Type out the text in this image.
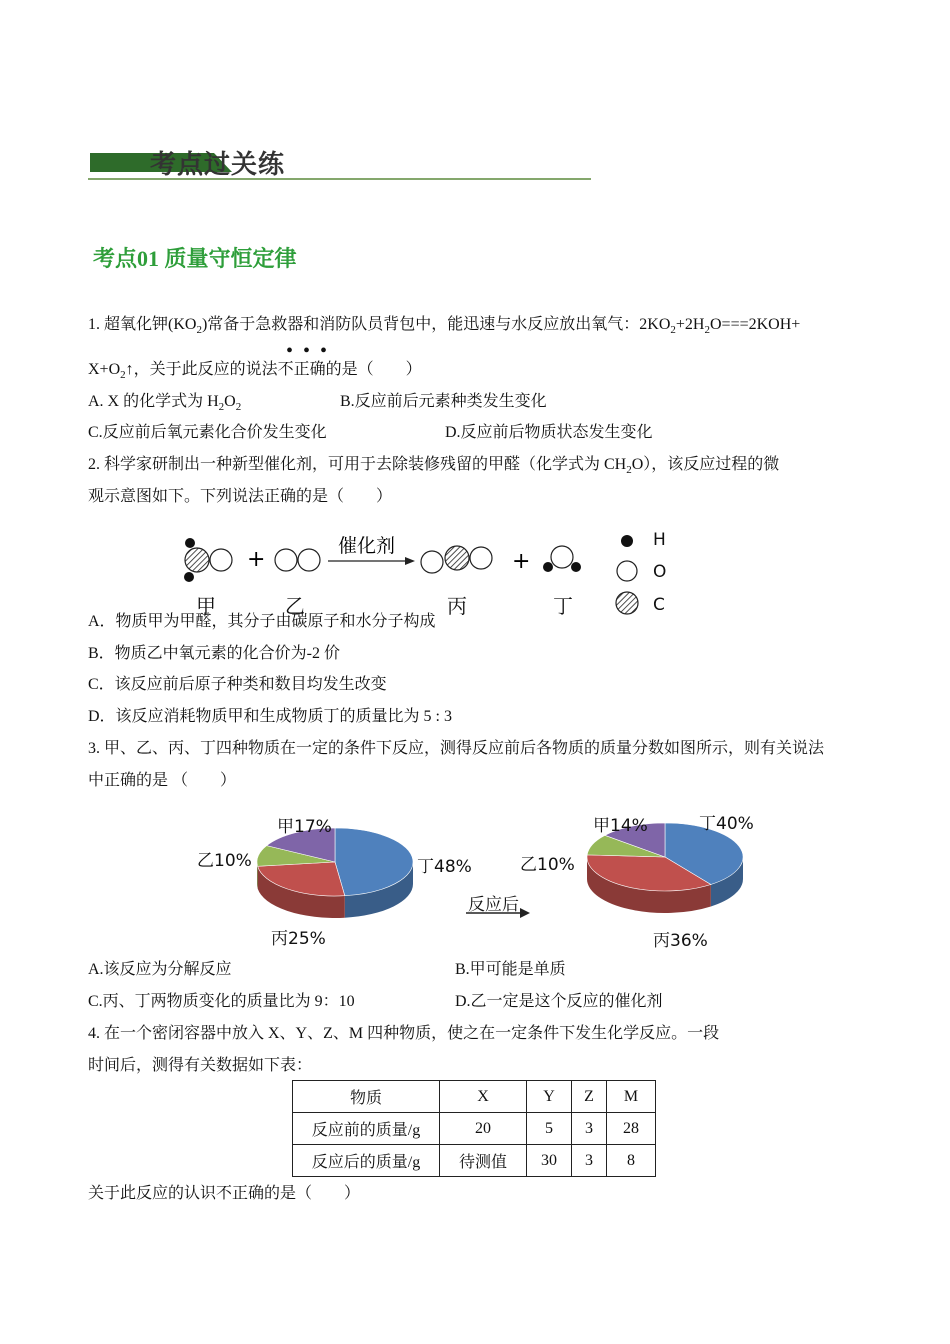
考点过关练
考点01 质量守恒定律
1. 超氧化钾$(KO_2)$常备于急救器和消防队员背包中，能迅速与水反应放出氧气：$2KO_2+2H_2O===2KOH+$
•••
$X+O_2↑$，关于此反应的说法不正确的是（　　）
A. X 的化学式为 $H_2O_2$	B.反应前后元素种类发生变化
C.反应前后氧元素化合价发生变化	D.反应前后物质状态发生变化
2. 科学家研制出一种新型催化剂，可用于去除装修残留的甲醛（化学式为 $CH_2O$），该反应过程的微
观示意图如下。下列说法正确的是（　　）
+
催化剂
+
H
O
C
甲	乙	丙	丁
A．物质甲为甲醛，其分子由碳原子和水分子构成
B．物质乙中氧元素的化合价为-2 价
C．该反应前后原子种类和数目均发生改变
D．该反应消耗物质甲和生成物质丁的质量比为 5 : 3
3. 甲、乙、丙、丁四种物质在一定的条件下反应，测得反应前后各物质的质量分数如图所示，则有关说法
中正确的是 （　　）
甲17%
乙10%
丙25%
丁48%
甲14%
乙10%
丙36%
丁40%
反应后
A.该反应为分解反应	B.甲可能是单质
C.丙、丁两物质变化的质量比为 9：10	D.乙一定是这个反应的催化剂
4. 在一个密闭容器中放入 X、Y、Z、M 四种物质，使之在一定条件下发生化学反应。一段
时间后，测得有关数据如下表：
物质	X	Y	Z	M
反应前的质量/g	20	5	3	28
反应后的质量/g	待测值	30	3	8
关于此反应的认识不正确的是（　　）
